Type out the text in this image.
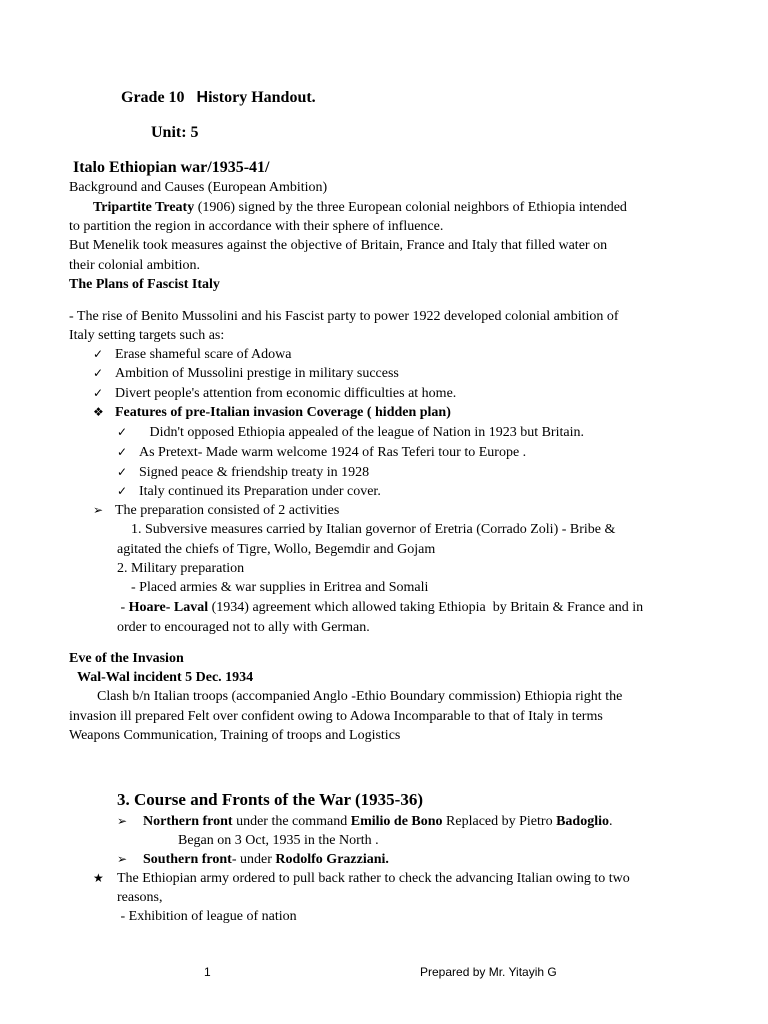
Grade 10 History Handout.
Unit: 5
Italo Ethiopian war/1935-41/
Background and Causes (European Ambition)
Tripartite Treaty (1906) signed by the three European colonial neighbors of Ethiopia intended
to partition the region in accordance with their sphere of influence.
But Menelik took measures against the objective of Britain, France and Italy that filled water on
their colonial ambition.
The Plans of Fascist Italy
- The rise of Benito Mussolini and his Fascist party to power 1922 developed colonial ambition of
Italy setting targets such as:
✓ Erase shameful scare of Adowa
✓ Ambition of Mussolini prestige in military success
✓ Divert people's attention from economic difficulties at home.
❖ Features of pre-Italian invasion Coverage ( hidden plan)
✓   Didn't opposed Ethiopia appealed of the league of Nation in 1923 but Britain.
✓ As Pretext- Made warm welcome 1924 of Ras Teferi tour to Europe .
✓ Signed peace & friendship treaty in 1928
✓ Italy continued its Preparation under cover.
➢ The preparation consisted of 2 activities
1. Subversive measures carried by Italian governor of Eretria (Corrado Zoli) - Bribe &
agitated the chiefs of Tigre, Wollo, Begemdir and Gojam
2. Military preparation
- Placed armies & war supplies in Eritrea and Somali
- Hoare- Laval (1934) agreement which allowed taking Ethiopia  by Britain & France and in
order to encouraged not to ally with German.
Eve of the Invasion
Wal-Wal incident 5 Dec. 1934
Clash b/n Italian troops (accompanied Anglo -Ethio Boundary commission) Ethiopia right the
invasion ill prepared Felt over confident owing to Adowa Incomparable to that of Italy in terms
Weapons Communication, Training of troops and Logistics
3. Course and Fronts of the War (1935-36)
➢ Northern front under the command Emilio de Bono Replaced by Pietro Badoglio.
Began on 3 Oct, 1935 in the North .
➢ Southern front- under Rodolfo Grazziani.
★ The Ethiopian army ordered to pull back rather to check the advancing Italian owing to two
reasons,
- Exhibition of league of nation
1	Prepared by Mr. Yitayih G
